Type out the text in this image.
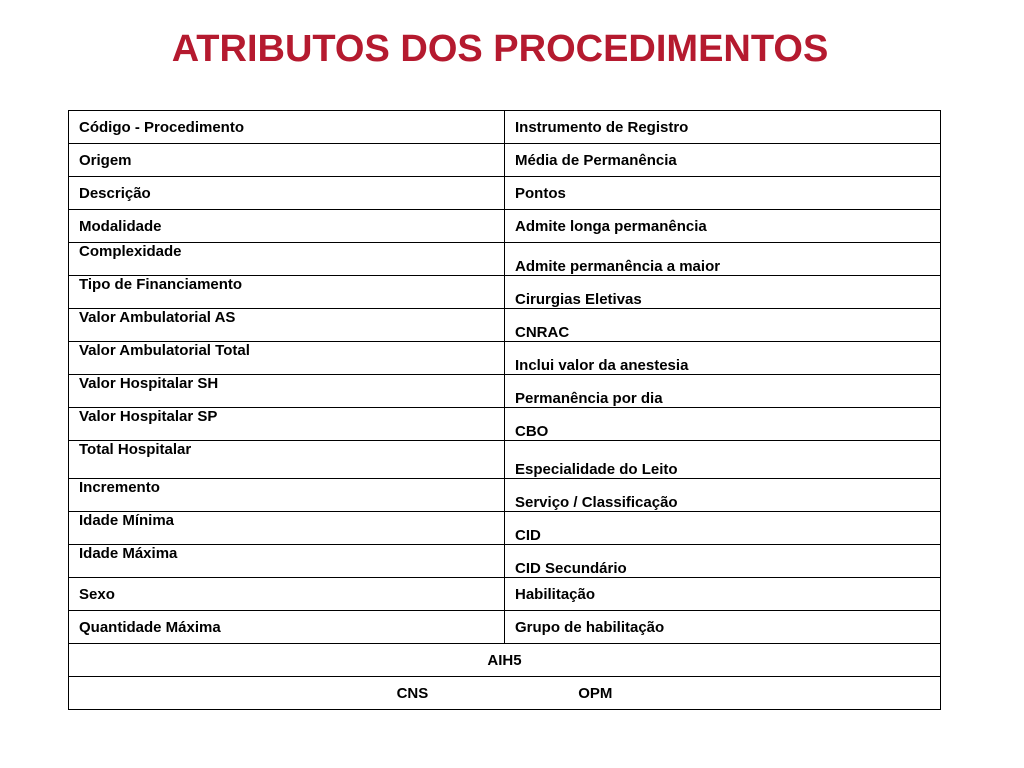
ATRIBUTOS DOS PROCEDIMENTOS
Código - Procedimento	Instrumento de Registro
Origem	Média de Permanência
Descrição	Pontos
Modalidade	Admite longa permanência
Complexidade	Admite permanência a maior
Tipo de Financiamento	Cirurgias Eletivas
Valor Ambulatorial AS	CNRAC
Valor Ambulatorial Total	Inclui valor da anestesia
Valor Hospitalar SH	Permanência por dia
Valor Hospitalar SP	CBO
Total Hospitalar	Especialidade do Leito
Incremento	Serviço / Classificação
Idade Mínima	CID
Idade Máxima	CID Secundário
Sexo	Habilitação
Quantidade Máxima	Grupo de habilitação
AIH5	
CNS OPM	
